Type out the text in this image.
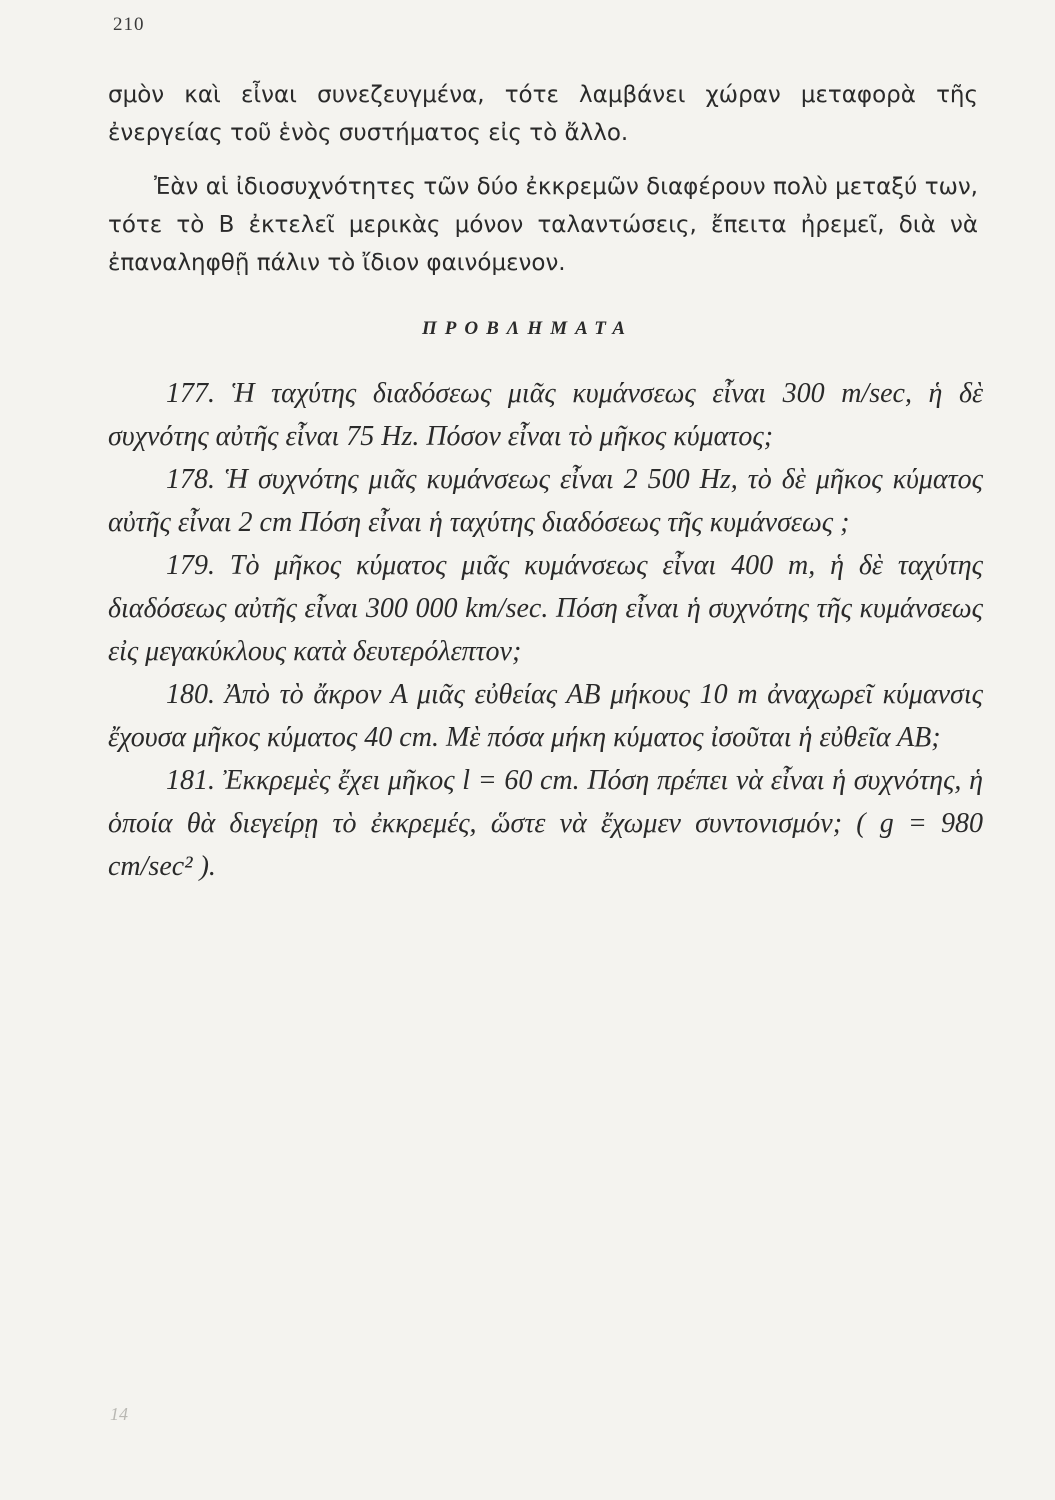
210

σμὸν καὶ εἶναι συνεζευγμένα, τότε λαμβάνει χώραν μεταφορὰ τῆς ἐνεργείας τοῦ ἑνὸς συστήματος εἰς τὸ ἄλλο.

Ἐὰν αἱ ἰδιοσυχνότητες τῶν δύο ἐκκρεμῶν διαφέρουν πολὺ μεταξύ των, τότε τὸ Β ἐκτελεῖ μερικὰς μόνον ταλαντώσεις, ἔπειτα ἠρεμεῖ, διὰ νὰ ἐπαναληφθῇ πάλιν τὸ ἴδιον φαινόμενον.

ΠΡΟΒΛΗΜΑΤΑ
177. Ἡ ταχύτης διαδόσεως μιᾶς κυμάνσεως εἶναι 300 m/sec, ἡ δὲ συχνότης αὐτῆς εἶναι 75 Hz. Πόσον εἶναι τὸ μῆκος κύματος;
178. Ἡ συχνότης μιᾶς κυμάνσεως εἶναι 2 500 Hz, τὸ δὲ μῆκος κύματος αὐτῆς εἶναι 2 cm Πόση εἶναι ἡ ταχύτης διαδόσεως τῆς κυμάνσεως ;
179. Τὸ μῆκος κύματος μιᾶς κυμάνσεως εἶναι 400 m, ἡ δὲ ταχύτης διαδόσεως αὐτῆς εἶναι 300 000 km/sec. Πόση εἶναι ἡ συχνότης τῆς κυμάνσεως εἰς μεγακύκλους κατὰ δευτερόλεπτον;
180. Ἀπὸ τὸ ἄκρον Α μιᾶς εὐθείας ΑΒ μήκους 10 m ἀναχωρεῖ κύμανσις ἔχουσα μῆκος κύματος 40 cm. Μὲ πόσα μήκη κύματος ἰσοῦται ἡ εὐθεῖα ΑΒ;
181. Ἐκκρεμὲς ἔχει μῆκος l = 60 cm. Πόση πρέπει νὰ εἶναι ἡ συχνότης, ἡ ὁποία θὰ διεγείρῃ τὸ ἐκκρεμές, ὥστε νὰ ἔχωμεν συντονισμόν; ( g = 980 cm/sec² ).
14
